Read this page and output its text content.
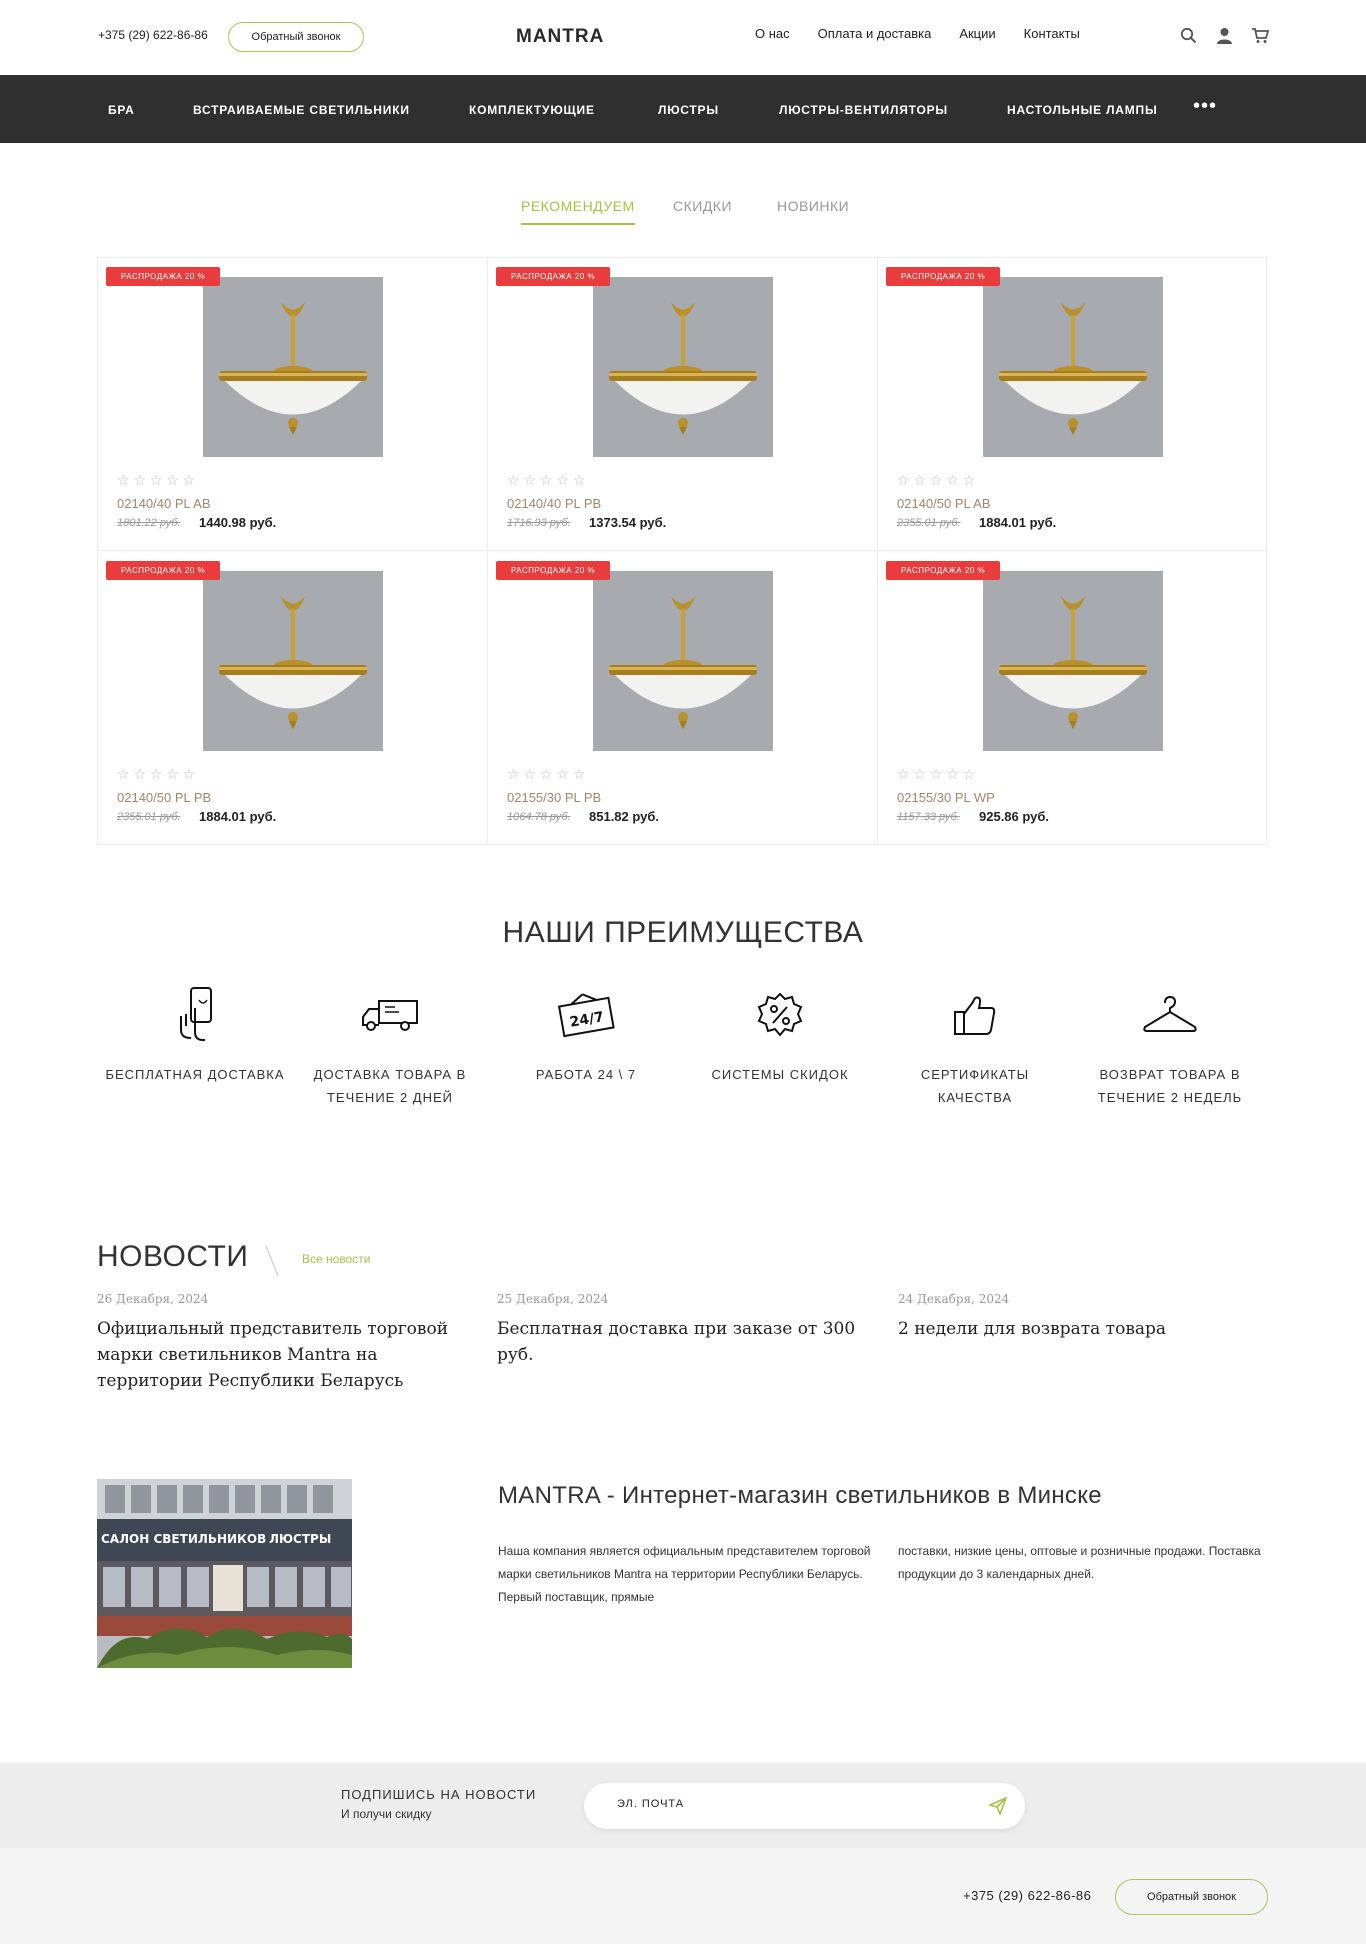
+375 (29) 622-86-86	Обратный звонок	MANTRA	О нас Оплата и доставка Акции Контакты
БРА	ВСТРАИВАЕМЫЕ СВЕТИЛЬНИКИ	КОМПЛЕКТУЮЩИЕ	ЛЮСТРЫ	ЛЮСТРЫ-ВЕНТИЛЯТОРЫ	НАСТОЛЬНЫЕ ЛАМПЫ •••
РЕКОМЕНДУЕМ	СКИДКИ	НОВИНКИ
РАСПРОДАЖА 20 %
☆ ☆ ☆ ☆ ☆
02140/40 PL AB
1801.22 руб. 1440.98 руб.
РАСПРОДАЖА 20 %
☆ ☆ ☆ ☆ ☆
02140/40 PL PB
1716.93 руб. 1373.54 руб.
РАСПРОДАЖА 20 %
☆ ☆ ☆ ☆ ☆
02140/50 PL AB
2355.01 руб. 1884.01 руб.
РАСПРОДАЖА 20 %
☆ ☆ ☆ ☆ ☆
02140/50 PL PB
2355.01 руб. 1884.01 руб.
РАСПРОДАЖА 20 %
☆ ☆ ☆ ☆ ☆
02155/30 PL PB
1064.78 руб. 851.82 руб.
РАСПРОДАЖА 20 %
☆ ☆ ☆ ☆ ☆
02155/30 PL WP
1157.33 руб. 925.86 руб.
НАШИ ПРЕИМУЩЕСТВА
БЕСПЛАТНАЯ ДОСТАВКА	ДОСТАВКА ТОВАРА В ТЕЧЕНИЕ 2 ДНЕЙ
24/7
РАБОТА 24 \ 7	СИСТЕМЫ СКИДОК	СЕРТИФИКАТЫ КАЧЕСТВА
ВОЗВРАТ ТОВАРА В ТЕЧЕНИЕ 2 НЕДЕЛЬ
НОВОСТИ	Все новости
26 Декабря, 2024
Официальный представитель торговой марки светильников Mantra на территории Республики Беларусь
25 Декабря, 2024
Бесплатная доставка при заказе от 300 руб.
24 Декабря, 2024
2 недели для возврата товара
САЛОН СВЕТИЛЬНИКОВ ЛЮСТРЫ
MANTRA - Интернет-магазин светильников в Минске
Наша компания является официальным представителем торговой марки светильников Mantra на территории Республики Беларусь. Первый поставщик, прямые
поставки, низкие цены, оптовые и розничные продажи. Поставка продукции до 3 календарных дней.
ПОДПИШИСЬ НА НОВОСТИ
И получи скидку
ЭЛ. ПОЧТА
+375 (29) 622-86-86	Обратный звонок
